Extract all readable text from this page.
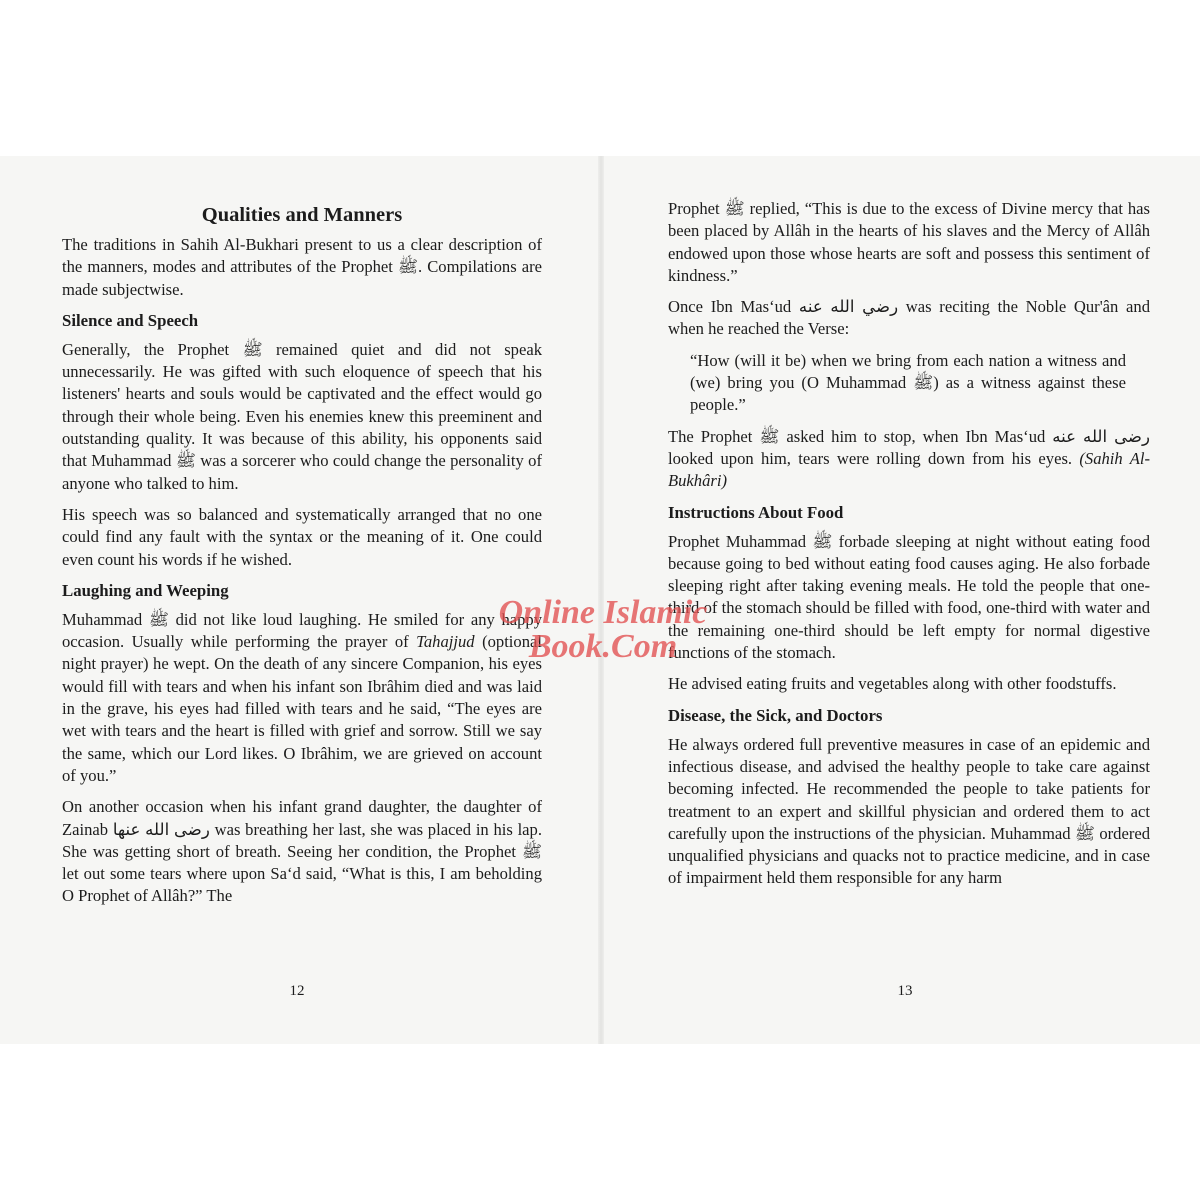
Qualities and Manners

The traditions in Sahih Al-Bukhari present to us a clear description of the manners, modes and attributes of the Prophet ﷺ. Compilations are made subjectwise.

Silence and Speech

Generally, the Prophet ﷺ remained quiet and did not speak unnecessarily. He was gifted with such eloquence of speech that his listeners' hearts and souls would be captivated and the effect would go through their whole being. Even his enemies knew this preeminent and outstanding quality. It was because of this ability, his opponents said that Muhammad ﷺ was a sorcerer who could change the personality of anyone who talked to him.

His speech was so balanced and systematically arranged that no one could find any fault with the syntax or the meaning of it. One could even count his words if he wished.

Laughing and Weeping

Muhammad ﷺ did not like loud laughing. He smiled for any happy occasion. Usually while performing the prayer of Tahajjud (optional night prayer) he wept. On the death of any sincere Companion, his eyes would fill with tears and when his infant son Ibrâhim died and was laid in the grave, his eyes had filled with tears and he said, “The eyes are wet with tears and the heart is filled with grief and sorrow. Still we say the same, which our Lord likes. O Ibrâhim, we are grieved on account of you.”

On another occasion when his infant grand daughter, the daughter of Zainab رضى الله عنها was breathing her last, she was placed in his lap. She was getting short of breath. Seeing her condition, the Prophet ﷺ let out some tears where upon Sa‘d said, “What is this, I am beholding O Prophet of Allâh?” The

Prophet ﷺ replied, “This is due to the excess of Divine mercy that has been placed by Allâh in the hearts of his slaves and the Mercy of Allâh endowed upon those whose hearts are soft and possess this sentiment of kindness.”

Once Ibn Mas‘ud رضي الله عنه was reciting the Noble Qur'ân and when he reached the Verse:

“How (will it be) when we bring from each nation a witness and (we) bring you (O Muhammad ﷺ) as a witness against these people.”

The Prophet ﷺ asked him to stop, when Ibn Mas‘ud رضى الله عنه looked upon him, tears were rolling down from his eyes. (Sahih Al-Bukhâri)

Instructions About Food

Prophet Muhammad ﷺ forbade sleeping at night without eating food because going to bed without eating food causes aging. He also forbade sleeping right after taking evening meals. He told the people that one-third of the stomach should be filled with food, one-third with water and the remaining one-third should be left empty for normal digestive functions of the stomach.

He advised eating fruits and vegetables along with other foodstuffs.

Disease, the Sick, and Doctors

He always ordered full preventive measures in case of an epidemic and infectious disease, and advised the healthy people to take care against becoming infected. He recommended the people to take patients for treatment to an expert and skillful physician and ordered them to act carefully upon the instructions of the physician. Muhammad ﷺ ordered unqualified physicians and quacks not to practice medicine, and in case of impairment held them responsible for any harm

12	13
Online Islamic
Book.Com
